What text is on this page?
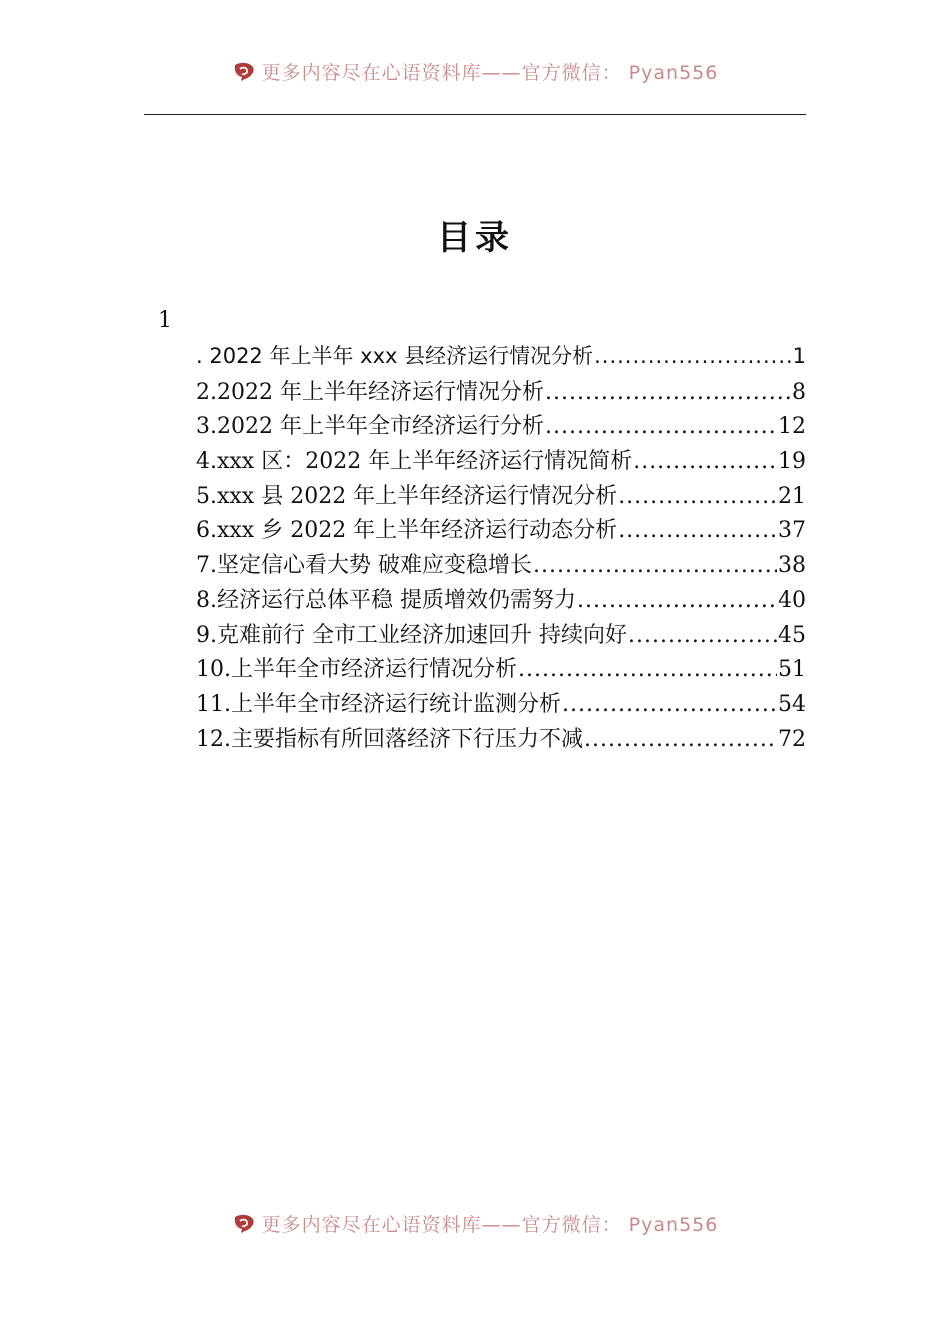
更多内容尽在心语资料库——官方微信： Pyan556
目录
1
. 2022 年上半年 xxx 县经济运行情况分析 .....	1
2.2022 年上半年经济运行情况分析 .....	8
3.2022 年上半年全市经济运行分析 .....	12
4.xxx 区：2022 年上半年经济运行情况简析 .....	19
5.xxx 县 2022 年上半年经济运行情况分析 .....	21
6.xxx 乡 2022 年上半年经济运行动态分析 .....	37
7.坚定信心看大势 破难应变稳增长 .....	38
8.经济运行总体平稳 提质增效仍需努力 .....	40
9.克难前行 全市工业经济加速回升 持续向好 .....	45
10.上半年全市经济运行情况分析 .....	51
11.上半年全市经济运行统计监测分析 .....	54
12.主要指标有所回落经济下行压力不减 .....	72
更多内容尽在心语资料库——官方微信： Pyan556
